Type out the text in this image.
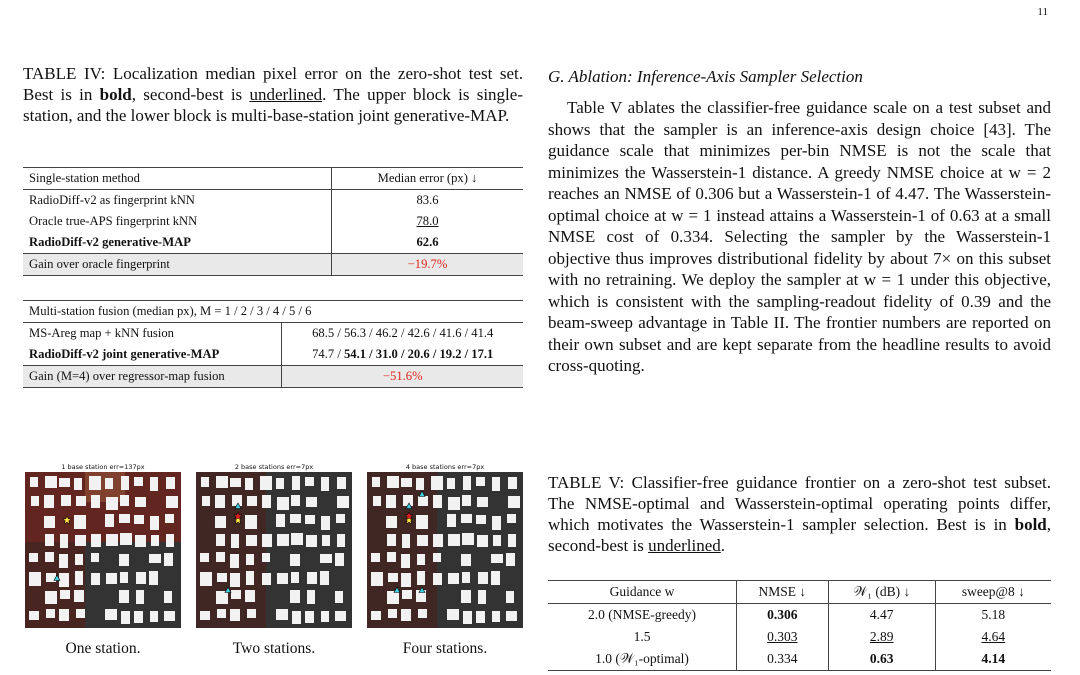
11
TABLE IV: Localization median pixel error on the zero-shot test set. Best is in bold, second-best is underlined. The upper block is single-station, and the lower block is multi-base-station joint generative-MAP.
Single-station method	Median error (px) ↓
RadioDiff-v2 as fingerprint kNN	83.6
Oracle true-APS fingerprint kNN	78.0
RadioDiff-v2 generative-MAP	62.6
Gain over oracle fingerprint	−19.7%
Multi-station fusion (median px), M = 1 / 2 / 3 / 4 / 5 / 6	
MS-Areg map + kNN fusion	68.5 / 56.3 / 46.2 / 42.6 / 41.6 / 41.4
RadioDiff-v2 joint generative-MAP	74.7 / 54.1 / 31.0 / 20.6 / 19.2 / 17.1
Gain (M=4) over regressor-map fusion	−51.6%
1 base station err=137px	2 base stations err=7px	4 base stations err=7px
One station.	Two stations.	Four stations.
G. Ablation: Inference-Axis Sampler Selection

Table V ablates the classifier-free guidance scale on a test subset and shows that the sampler is an inference-axis design choice [43]. The guidance scale that minimizes per-bin NMSE is not the scale that minimizes the Wasserstein-1 distance. A greedy NMSE choice at w = 2 reaches an NMSE of 0.306 but a Wasserstein-1 of 4.47. The Wasserstein-optimal choice at w = 1 instead attains a Wasserstein-1 of 0.63 at a small NMSE cost of 0.334. Selecting the sampler by the Wasserstein-1 objective thus improves distributional fidelity by about 7× on this subset with no retraining. We deploy the sampler at w = 1 under this objective, which is consistent with the sampling-readout fidelity of 0.39 and the beam-sweep advantage in Table II. The frontier numbers are reported on their own subset and are kept separate from the headline results to avoid cross-quoting.

TABLE V: Classifier-free guidance frontier on a zero-shot test subset. The NMSE-optimal and Wasserstein-optimal operating points differ, which motivates the Wasserstein-1 sampler selection. Best is in bold, second-best is underlined.
Guidance w	NMSE ↓	𝒲₁ (dB) ↓	sweep@8 ↓
2.0 (NMSE-greedy)	0.306	4.47	5.18
1.5	0.303	2.89	4.64
1.0 (𝒲₁-optimal)	0.334	0.63	4.14
